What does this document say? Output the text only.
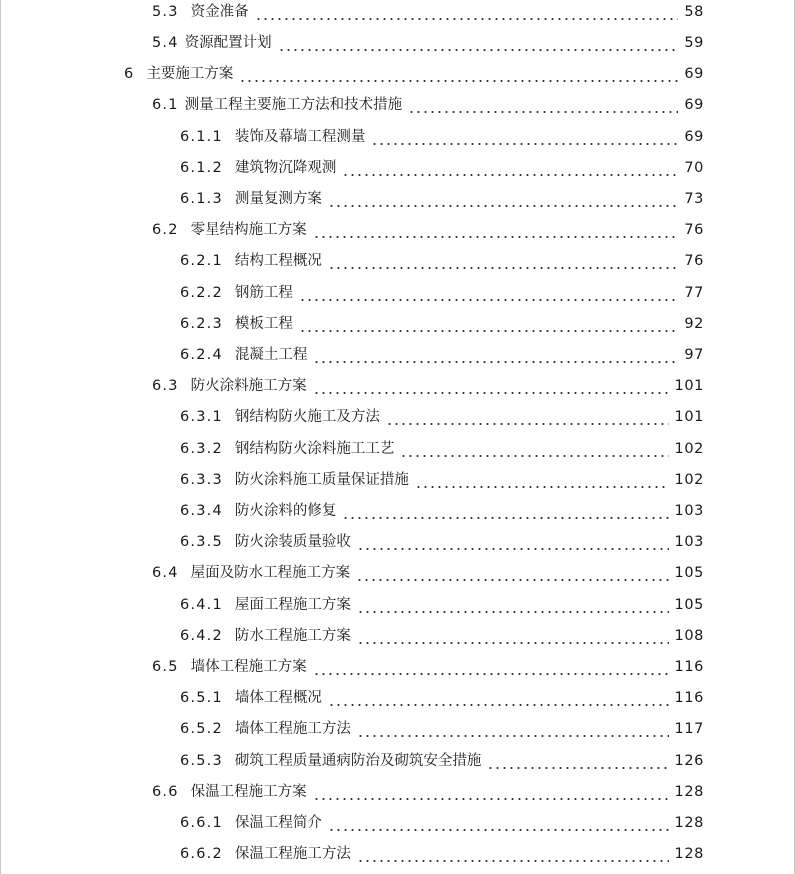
5.3 资金准备	58
5.4 资源配置计划	59
6 主要施工方案	69
6.1 测量工程主要施工方法和技术措施	69
6.1.1 装饰及幕墙工程测量	69
6.1.2 建筑物沉降观测	70
6.1.3 测量复测方案	73
6.2 零星结构施工方案	76
6.2.1 结构工程概况	76
6.2.2 钢筋工程	77
6.2.3 模板工程	92
6.2.4 混凝土工程	97
6.3 防火涂料施工方案	101
6.3.1 钢结构防火施工及方法	101
6.3.2 钢结构防火涂料施工工艺	102
6.3.3 防火涂料施工质量保证措施	102
6.3.4 防火涂料的修复	103
6.3.5 防火涂装质量验收	103
6.4 屋面及防水工程施工方案	105
6.4.1 屋面工程施工方案	105
6.4.2 防水工程施工方案	108
6.5 墙体工程施工方案	116
6.5.1 墙体工程概况	116
6.5.2 墙体工程施工方法	117
6.5.3 砌筑工程质量通病防治及砌筑安全措施	126
6.6 保温工程施工方案	128
6.6.1 保温工程简介	128
6.6.2 保温工程施工方法	128
